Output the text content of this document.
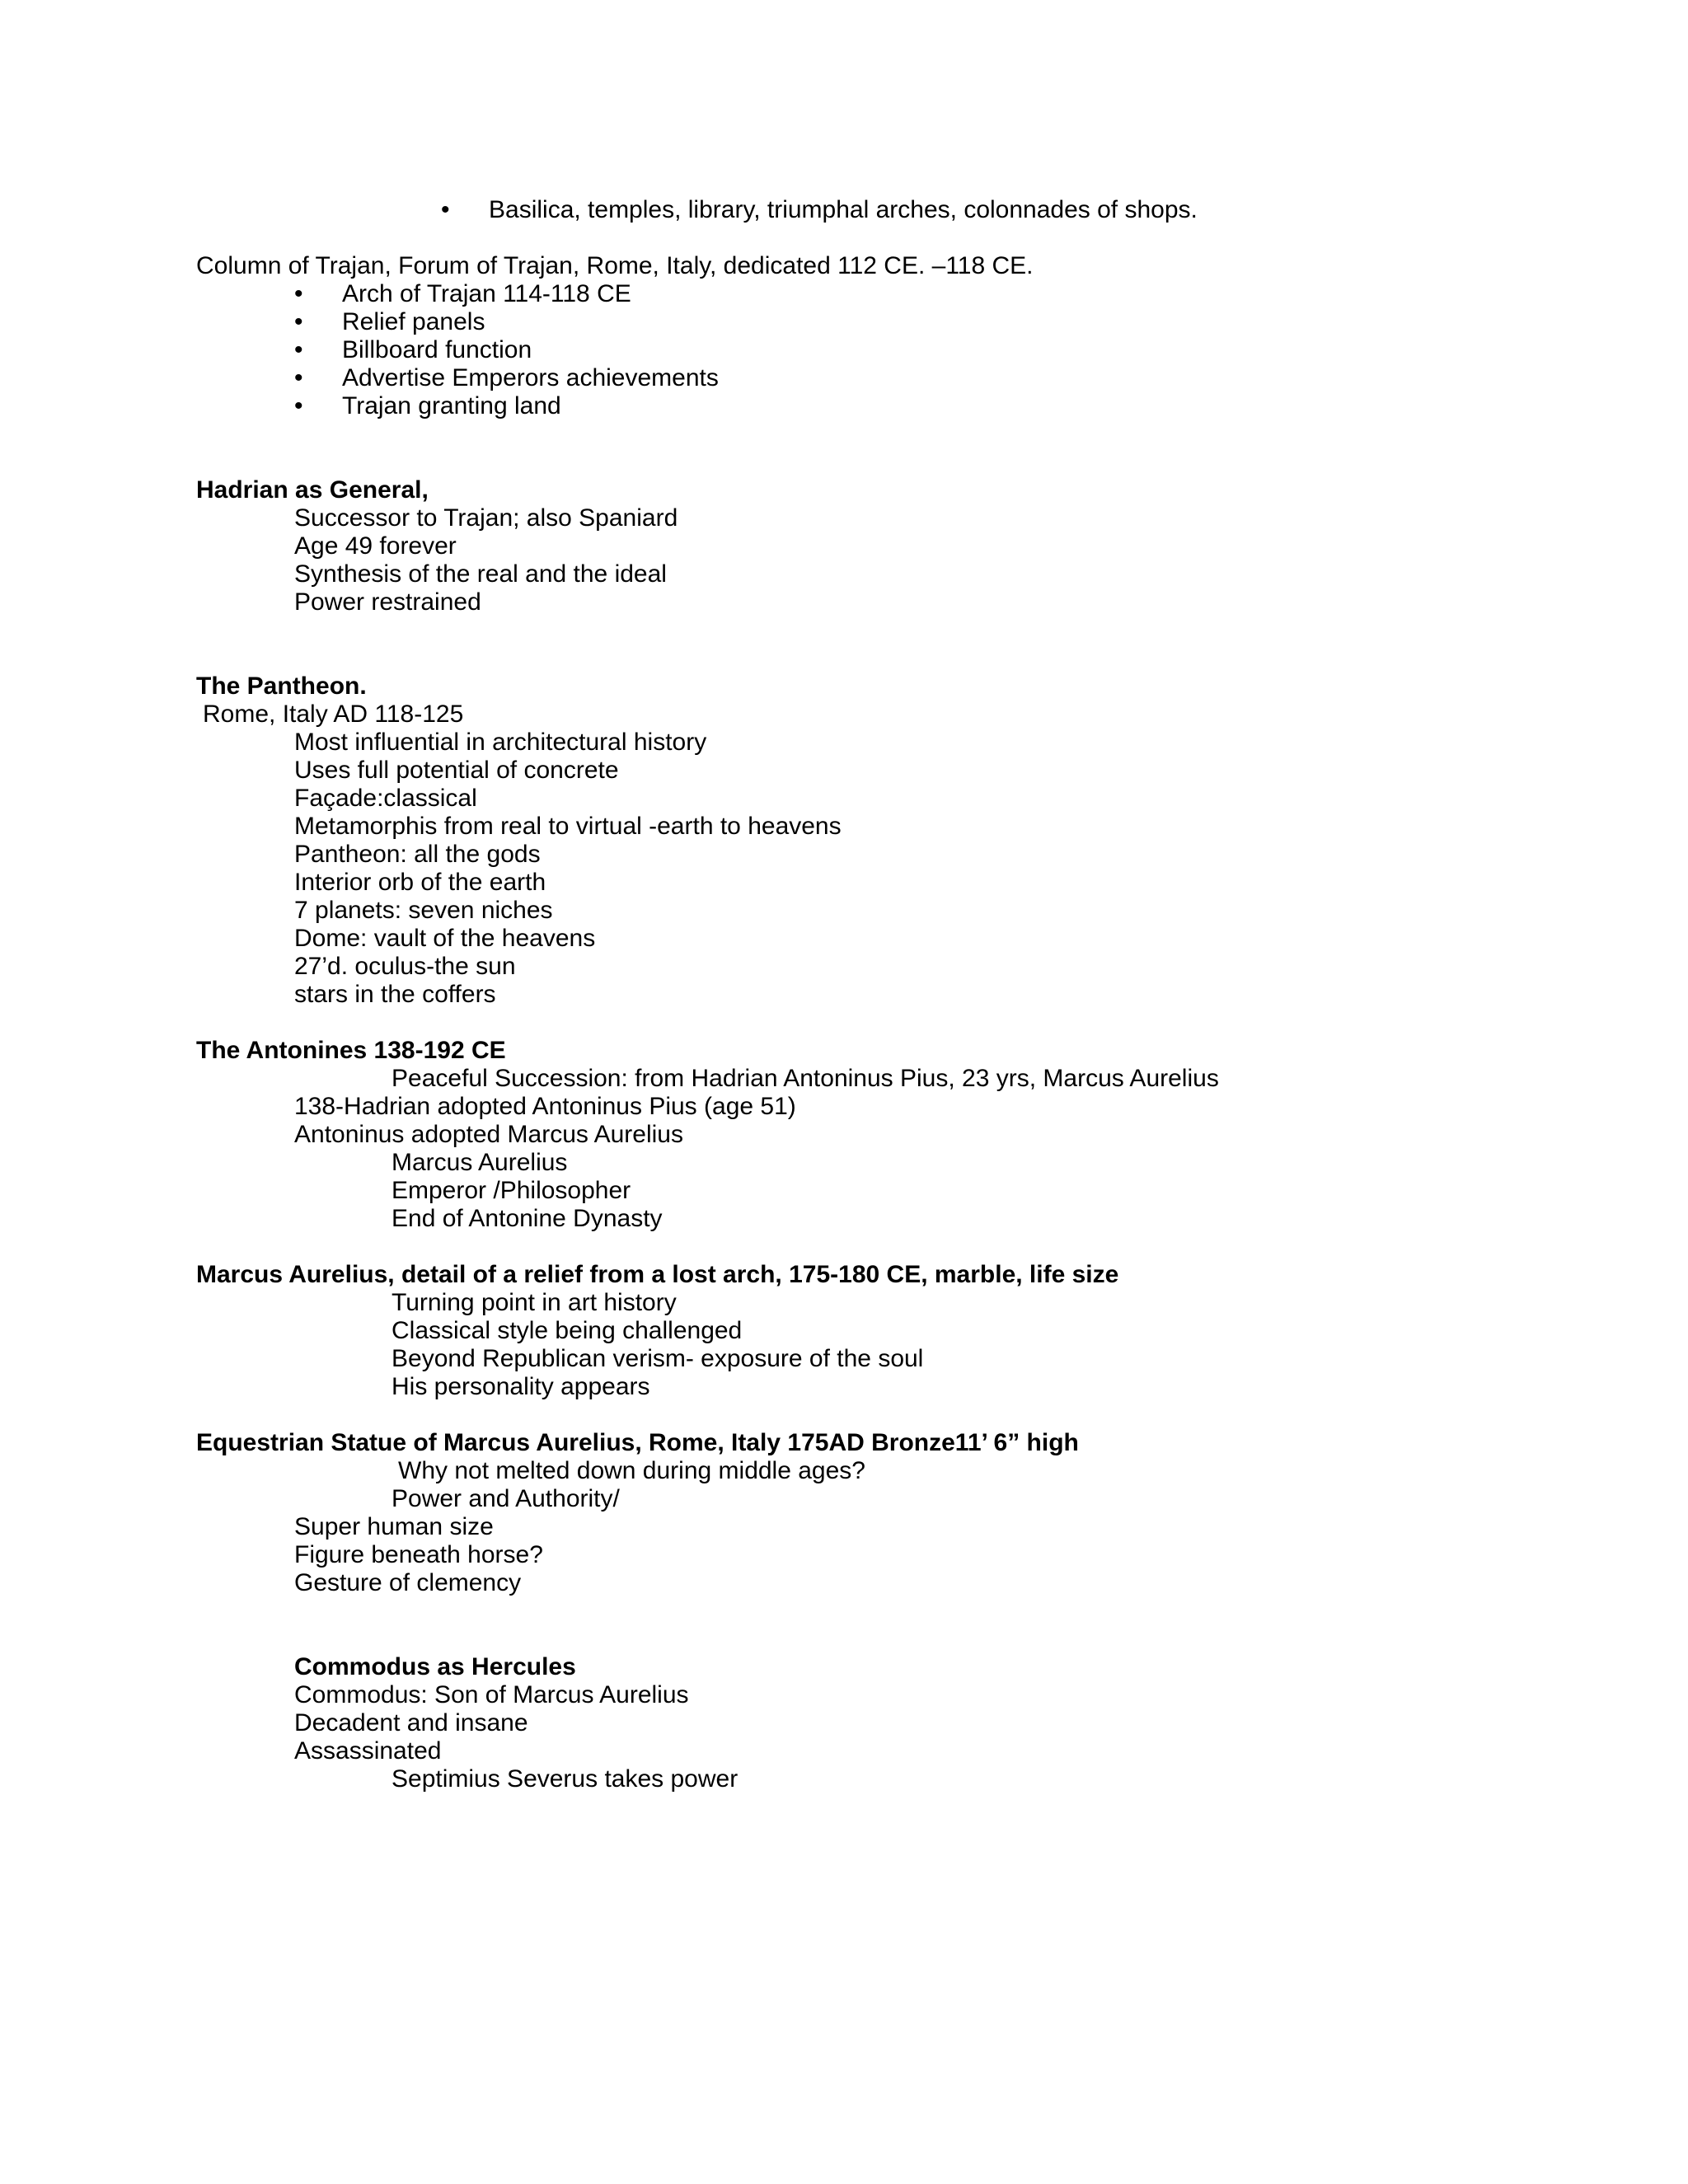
• Basilica, temples, library, triumphal arches, colonnades of shops.
Column of Trajan, Forum of Trajan, Rome, Italy, dedicated 112 CE. –118 CE.
• Arch of Trajan 114-118 CE
• Relief panels
• Billboard function
• Advertise Emperors achievements
• Trajan granting land
Hadrian as General,
Successor to Trajan; also Spaniard
Age 49 forever
Synthesis of the real and the ideal
Power restrained
The Pantheon.
Rome, Italy AD 118-125
Most influential in architectural history
Uses full potential of concrete
Façade:classical
Metamorphis from real to virtual -earth to heavens
Pantheon: all the gods
Interior orb of the earth
7 planets: seven niches
Dome: vault of the heavens
27’d. oculus-the sun
stars in the coffers
The Antonines 138-192 CE
Peaceful Succession: from Hadrian Antoninus Pius, 23 yrs, Marcus Aurelius
138-Hadrian adopted Antoninus Pius (age 51)
Antoninus adopted Marcus Aurelius
Marcus Aurelius
Emperor /Philosopher
End of Antonine Dynasty
Marcus Aurelius, detail of a relief from a lost arch, 175-180 CE, marble, life size
Turning point in art history
Classical style being challenged
Beyond Republican verism- exposure of the soul
His personality appears
Equestrian Statue of Marcus Aurelius, Rome, Italy 175AD Bronze11’ 6” high
Why not melted down during middle ages?
Power and Authority/
Super human size
Figure beneath horse?
Gesture of clemency
Commodus as Hercules
Commodus: Son of Marcus Aurelius
Decadent and insane
Assassinated
Septimius Severus takes power
